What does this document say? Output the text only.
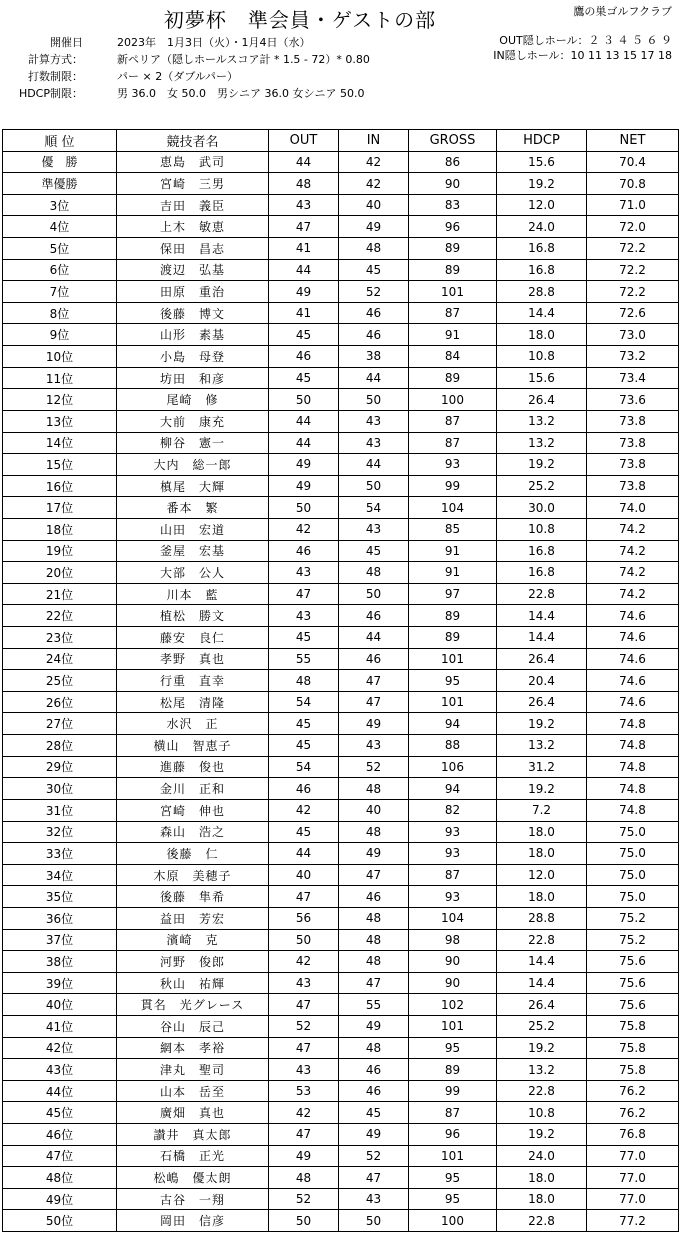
初夢杯　準会員・ゲストの部	鷹の巣ゴルフクラブ
開催日	2023年　1月3日（火）・1月4日（水）
計算方式：	新ペリア（隠しホールスコア計 * 1.5 - 72）* 0.80
打数制限：	パー × 2（ダブルパー）
HDCP制限：	男 36.0　女 50.0　男シニア 36.0 女シニア 50.0
OUT隠しホール：２ ３ ４ ５ ６ ９
IN隠しホール：10 11 13 15 17 18
順 位	競技者名	OUT	IN	GROSS	HDCP	NET
優　勝	恵島　武司	44	42	86	15.6	70.4
準優勝	宮崎　三男	48	42	90	19.2	70.8
3位	吉田　義臣	43	40	83	12.0	71.0
4位	上木　敏恵	47	49	96	24.0	72.0
5位	保田　昌志	41	48	89	16.8	72.2
6位	渡辺　弘基	44	45	89	16.8	72.2
7位	田原　重治	49	52	101	28.8	72.2
8位	後藤　博文	41	46	87	14.4	72.6
9位	山形　素基	45	46	91	18.0	73.0
10位	小島　母登	46	38	84	10.8	73.2
11位	坊田　和彦	45	44	89	15.6	73.4
12位	尾崎　修	50	50	100	26.4	73.6
13位	大前　康充	44	43	87	13.2	73.8
14位	柳谷　憲一	44	43	87	13.2	73.8
15位	大内　総一郎	49	44	93	19.2	73.8
16位	槙尾　大輝	49	50	99	25.2	73.8
17位	番本　繁	50	54	104	30.0	74.0
18位	山田　宏道	42	43	85	10.8	74.2
19位	釜屋　宏基	46	45	91	16.8	74.2
20位	大部　公人	43	48	91	16.8	74.2
21位	川本　藍	47	50	97	22.8	74.2
22位	植松　勝文	43	46	89	14.4	74.6
23位	藤安　良仁	45	44	89	14.4	74.6
24位	孝野　真也	55	46	101	26.4	74.6
25位	行重　直幸	48	47	95	20.4	74.6
26位	松尾　清隆	54	47	101	26.4	74.6
27位	水沢　正	45	49	94	19.2	74.8
28位	横山　智恵子	45	43	88	13.2	74.8
29位	進藤　俊也	54	52	106	31.2	74.8
30位	金川　正和	46	48	94	19.2	74.8
31位	宮崎　伸也	42	40	82	7.2	74.8
32位	森山　浩之	45	48	93	18.0	75.0
33位	後藤　仁	44	49	93	18.0	75.0
34位	木原　美穂子	40	47	87	12.0	75.0
35位	後藤　隼希	47	46	93	18.0	75.0
36位	益田　芳宏	56	48	104	28.8	75.2
37位	濱崎　克	50	48	98	22.8	75.2
38位	河野　俊郎	42	48	90	14.4	75.6
39位	秋山　祐輝	43	47	90	14.4	75.6
40位	貫名　光グレース	47	55	102	26.4	75.6
41位	谷山　辰己	52	49	101	25.2	75.8
42位	網本　孝裕	47	48	95	19.2	75.8
43位	津丸　聖司	43	46	89	13.2	75.8
44位	山本　岳至	53	46	99	22.8	76.2
45位	廣畑　真也	42	45	87	10.8	76.2
46位	讃井　真太郎	47	49	96	19.2	76.8
47位	石橋　正光	49	52	101	24.0	77.0
48位	松嶋　優太朗	48	47	95	18.0	77.0
49位	古谷　一翔	52	43	95	18.0	77.0
50位	岡田　信彦	50	50	100	22.8	77.2
